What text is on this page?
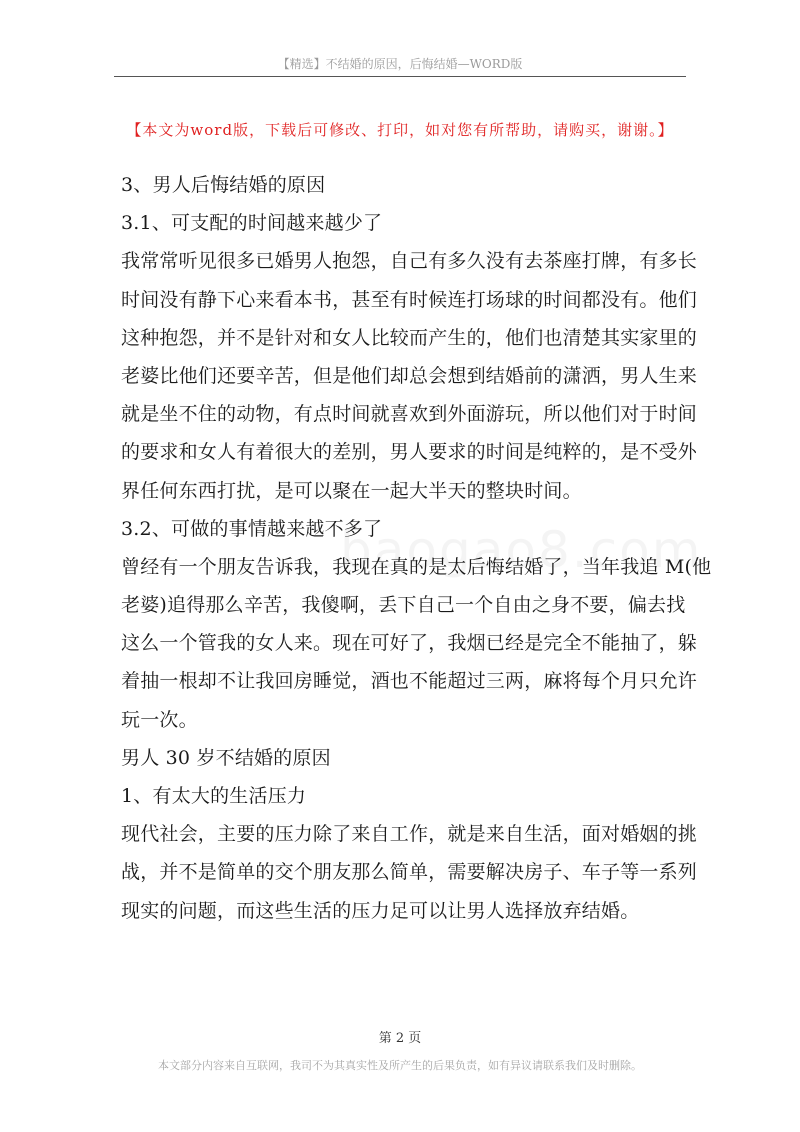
【精选】不结婚的原因，后悔结婚—WORD版
【本文为word版，下载后可修改、打印，如对您有所帮助，请购买，谢谢。】
3、男人后悔结婚的原因
3.1、可支配的时间越来越少了
我常常听见很多已婚男人抱怨，自己有多久没有去茶座打牌，有多长
时间没有静下心来看本书，甚至有时候连打场球的时间都没有。他们
这种抱怨，并不是针对和女人比较而产生的，他们也清楚其实家里的
老婆比他们还要辛苦，但是他们却总会想到结婚前的潇洒，男人生来
就是坐不住的动物，有点时间就喜欢到外面游玩，所以他们对于时间
的要求和女人有着很大的差别，男人要求的时间是纯粹的，是不受外
界任何东西打扰，是可以聚在一起大半天的整块时间。
3.2、可做的事情越来越不多了
曾经有一个朋友告诉我，我现在真的是太后悔结婚了，当年我追 M(他
老婆)追得那么辛苦，我傻啊，丢下自己一个自由之身不要，偏去找
这么一个管我的女人来。现在可好了，我烟已经是完全不能抽了，躲
着抽一根却不让我回房睡觉，酒也不能超过三两，麻将每个月只允许
玩一次。
男人 30 岁不结婚的原因
1、有太大的生活压力
现代社会，主要的压力除了来自工作，就是来自生活，面对婚姻的挑
战，并不是简单的交个朋友那么简单，需要解决房子、车子等一系列
现实的问题，而这些生活的压力足可以让男人选择放弃结婚。
第 2 页
本文部分内容来自互联网，我司不为其真实性及所产生的后果负责，如有异议请联系我们及时删除。
